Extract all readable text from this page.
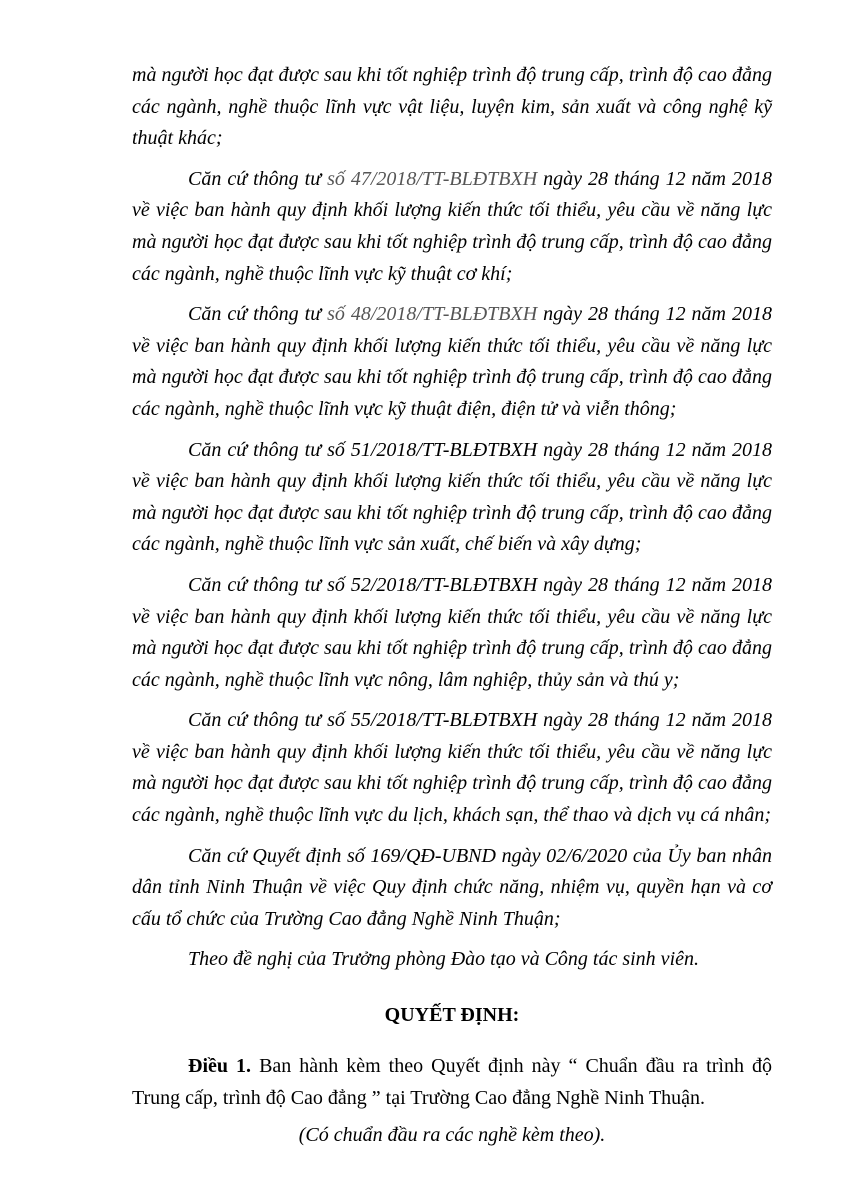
mà người học đạt được sau khi tốt nghiệp trình độ trung cấp, trình độ cao đẳng các ngành, nghề thuộc lĩnh vực vật liệu, luyện kim, sản xuất và công nghệ kỹ thuật khác;

Căn cứ thông tư số 47/2018/TT-BLĐTBXH ngày 28 tháng 12 năm 2018 về việc ban hành quy định khối lượng kiến thức tối thiểu, yêu cầu về năng lực mà người học đạt được sau khi tốt nghiệp trình độ trung cấp, trình độ cao đẳng các ngành, nghề thuộc lĩnh vực kỹ thuật cơ khí;

Căn cứ thông tư số 48/2018/TT-BLĐTBXH ngày 28 tháng 12 năm 2018 về việc ban hành quy định khối lượng kiến thức tối thiểu, yêu cầu về năng lực mà người học đạt được sau khi tốt nghiệp trình độ trung cấp, trình độ cao đẳng các ngành, nghề thuộc lĩnh vực kỹ thuật điện, điện tử và viễn thông;

Căn cứ thông tư số 51/2018/TT-BLĐTBXH ngày 28 tháng 12 năm 2018 về việc ban hành quy định khối lượng kiến thức tối thiểu, yêu cầu về năng lực mà người học đạt được sau khi tốt nghiệp trình độ trung cấp, trình độ cao đẳng các ngành, nghề thuộc lĩnh vực sản xuất, chế biến và xây dựng;

Căn cứ thông tư số 52/2018/TT-BLĐTBXH ngày 28 tháng 12 năm 2018 về việc ban hành quy định khối lượng kiến thức tối thiểu, yêu cầu về năng lực mà người học đạt được sau khi tốt nghiệp trình độ trung cấp, trình độ cao đẳng các ngành, nghề thuộc lĩnh vực nông, lâm nghiệp, thủy sản và thú y;

Căn cứ thông tư số 55/2018/TT-BLĐTBXH ngày 28 tháng 12 năm 2018 về việc ban hành quy định khối lượng kiến thức tối thiểu, yêu cầu về năng lực mà người học đạt được sau khi tốt nghiệp trình độ trung cấp, trình độ cao đẳng các ngành, nghề thuộc lĩnh vực du lịch, khách sạn, thể thao và dịch vụ cá nhân;

Căn cứ Quyết định số 169/QĐ-UBND ngày 02/6/2020 của Ủy ban nhân dân tỉnh Ninh Thuận về việc Quy định chức năng, nhiệm vụ, quyền hạn và cơ cấu tổ chức của Trường Cao đẳng Nghề Ninh Thuận;

Theo đề nghị của Trưởng phòng Đào tạo và Công tác sinh viên.

QUYẾT ĐỊNH:

Điều 1. Ban hành kèm theo Quyết định này “ Chuẩn đầu ra trình độ Trung cấp, trình độ Cao đẳng ” tại Trường Cao đẳng Nghề Ninh Thuận.

(Có chuẩn đầu ra các nghề kèm theo).
